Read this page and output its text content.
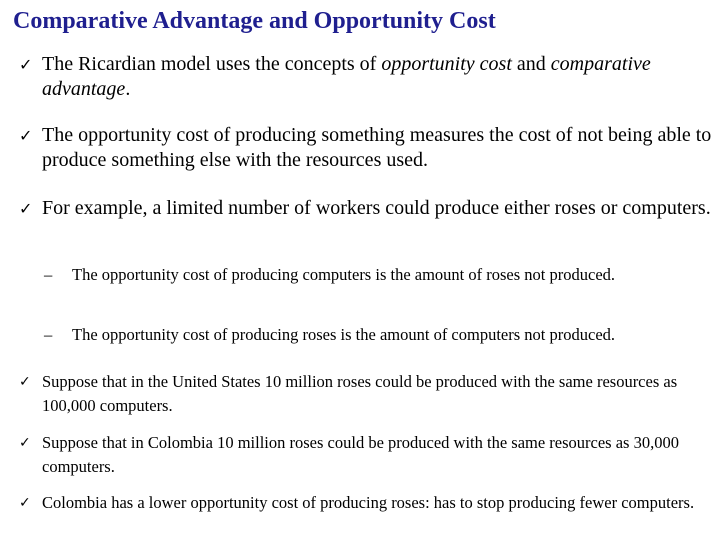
Comparative Advantage and Opportunity Cost
✓ The Ricardian model uses the concepts of opportunity cost and comparative advantage.
✓ The opportunity cost of producing something measures the cost of not being able to produce something else with the resources used.
✓ For example, a limited number of workers could produce either roses or computers.
– The opportunity cost of producing computers is the amount of roses not produced.
– The opportunity cost of producing roses is the amount of computers not produced.
✓ Suppose that in the United States 10 million roses could be produced with the same resources as 100,000 computers.
✓ Suppose that in Colombia 10 million roses could be produced with the same resources as 30,000 computers.
✓ Colombia has a lower opportunity cost of producing roses: has to stop producing fewer computers.
